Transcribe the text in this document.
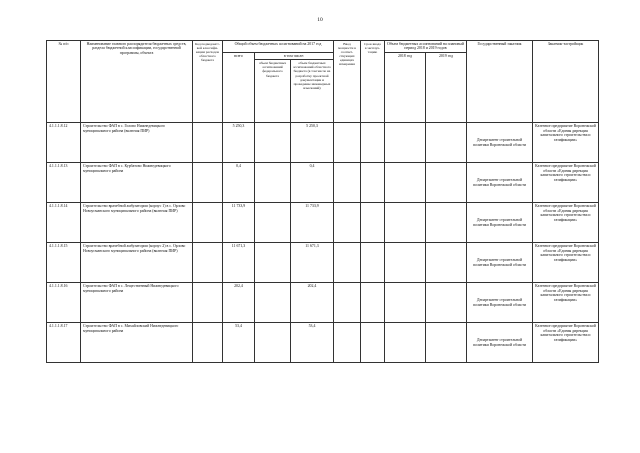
10
№ п/п	Наименование главного распорядителя бюджетных средств, раздела бюджетной классификации, государственной программы, объекта	Код подведомст-вой классифи-кации расходов областного бюджета	Общий объем бюджетных ассигнований на 2017 год			Ввод мощности в соответ-ствующих единицах измерения	Срок ввода в эксплуа-тацию	Объем бюджетных ассигнований на плановый период 2018 и 2019 годов		Государственный заказчик	Заказчик-застройщик
			всего	в том числе:				2018 год	2019 год		
				объем бюджетных ассигнований федерального бюджета	объем бюджетных ассигнований областного бюджета (в том числе на разработку проектной документации и проведение инженерных изысканий)						
4.1.1.1.8.12	Строительство ФАП в с. Голово Нижнедевицкого муниципального района (включая ПИР)		5 250,3		5 250,3					Департамент строительной политики Воронежской области	Казенное предприятие Воронежской области «Единая дирекция капитального строительства и газификации»
4.1.1.1.8.13	Строительство ФАП в с. Курбатово Нижнедевицкого муниципального района		0,4		0,4					Департамент строительной политики Воронежской области	Казенное предприятие Воронежской области «Единая дирекция капитального строительства и газификации»
4.1.1.1.8.14	Строительство врачебной амбулатории (корпус 1) в с. Орлово Новоусманского муниципального района (включая ПИР)		11 733,9		11 733,9					Департамент строительной политики Воронежской области	Казенное предприятие Воронежской области «Единая дирекция капитального строительства и газификации»
4.1.1.1.8.15	Строительство врачебной амбулатории (корпус 2) в с. Орлово Новоусманского муниципального района (включая ПИР)		11 671,3		11 671,3					Департамент строительной политики Воронежской области	Казенное предприятие Воронежской области «Единая дирекция капитального строительства и газификации»
4.1.1.1.8.16	Строительство ФАП в с. Лещественный Нижнедевицкого муниципального района		202,4		202,4					Департамент строительной политики Воронежской области	Казенное предприятие Воронежской области «Единая дирекция капитального строительства и газификации»
4.1.1.1.8.17	Строительство ФАП в с. Михайловский Нижнедевицкого муниципального района		53,4		53,4					Департамент строительной политики Воронежской области	Казенное предприятие Воронежской области «Единая дирекция капитального строительства и газификации»
